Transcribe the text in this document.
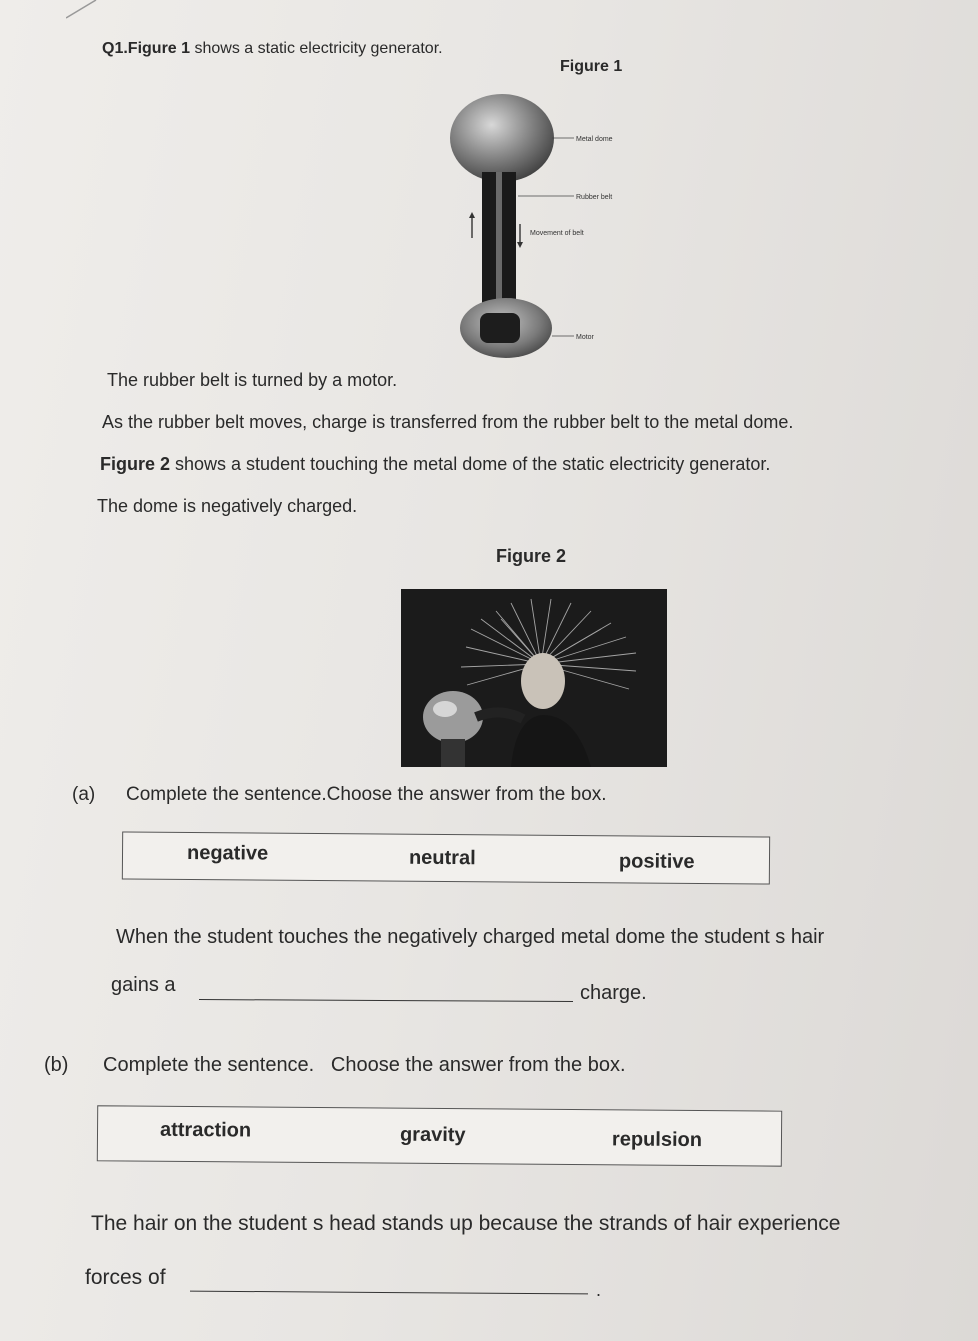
Q1.Figure 1 shows a static electricity generator.
Figure 1
Metal dome
Rubber belt
Movement of belt
Motor
The rubber belt is turned by a motor.
As the rubber belt moves, charge is transferred from the rubber belt to the metal dome.
Figure 2 shows a student touching the metal dome of the static electricity generator.
The dome is negatively charged.
Figure 2
(a) Complete the sentence.Choose the answer from the box.
negative	neutral	positive
When the student touches the negatively charged metal dome the student s hair
gains a	charge.
(b) Complete the sentence.   Choose the answer from the box.
attraction	gravity	repulsion
The hair on the student s head stands up because the strands of hair experience
forces of
.
